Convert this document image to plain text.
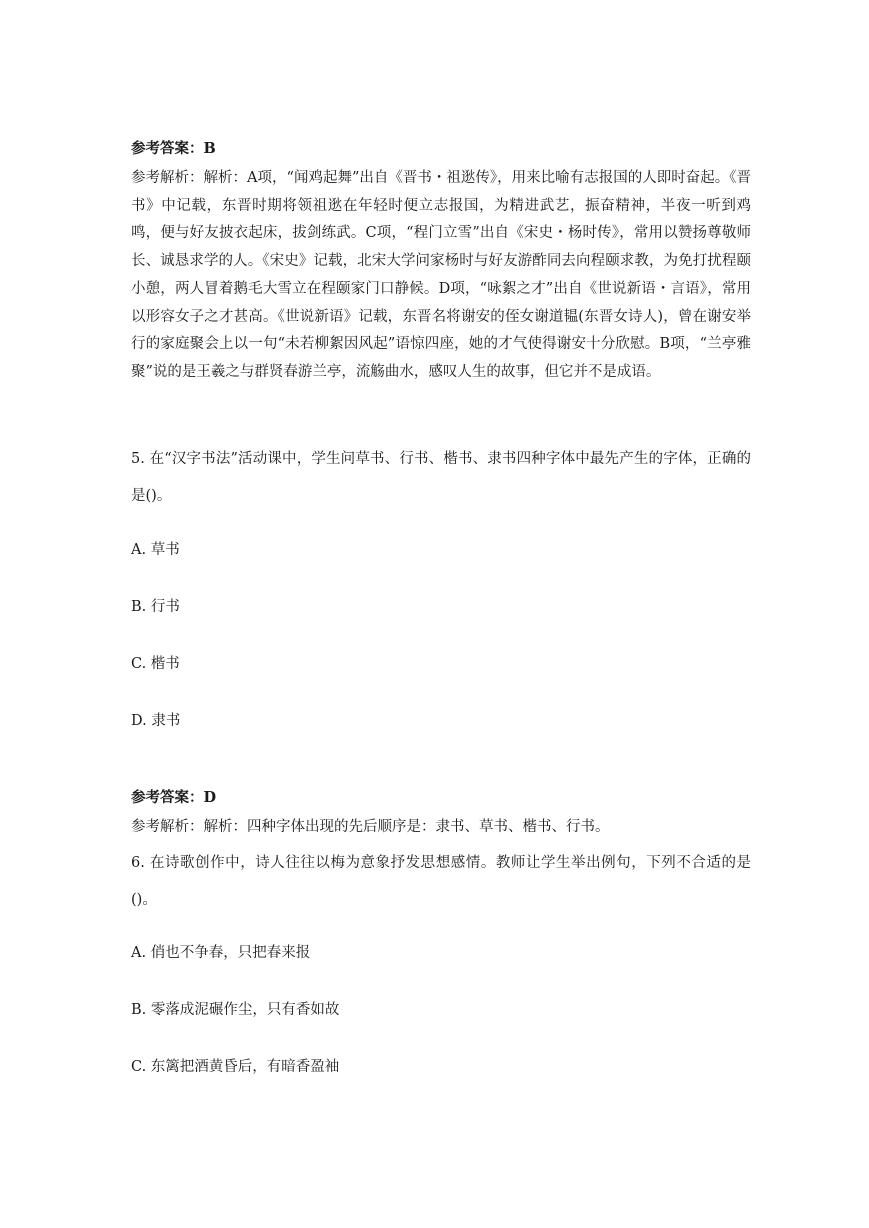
参考答案：B

参考解析：解析：A项，“闻鸡起舞”出自《晋书・祖逖传》，用来比喻有志报国的人即时奋起。《晋书》中记载，东晋时期将领祖逖在年轻时便立志报国，为精进武艺，振奋精神，半夜一听到鸡鸣，便与好友披衣起床，拔剑练武。C项，“程门立雪”出自《宋史・杨时传》，常用以赞扬尊敬师长、诚恳求学的人。《宋史》记载，北宋大学问家杨时与好友游酢同去向程颐求教，为免打扰程颐小憩，两人冒着鹅毛大雪立在程颐家门口静候。D项，“咏絮之才”出自《世说新语・言语》，常用以形容女子之才甚高。《世说新语》记载，东晋名将谢安的侄女谢道韫(东晋女诗人)，曾在谢安举行的家庭聚会上以一句“未若柳絮因风起”语惊四座，她的才气使得谢安十分欣慰。B项，“兰亭雅聚”说的是王羲之与群贤春游兰亭，流觞曲水，感叹人生的故事，但它并不是成语。

5. 在“汉字书法”活动课中，学生问草书、行书、楷书、隶书四种字体中最先产生的字体，正确的是()。

A. 草书
B. 行书
C. 楷书
D. 隶书
参考答案：D
参考解析：解析：四种字体出现的先后顺序是：隶书、草书、楷书、行书。

6. 在诗歌创作中，诗人往往以梅为意象抒发思想感情。教师让学生举出例句，下列不合适的是()。

A. 俏也不争春，只把春来报
B. 零落成泥碾作尘，只有香如故
C. 东篱把酒黄昏后，有暗香盈袖
